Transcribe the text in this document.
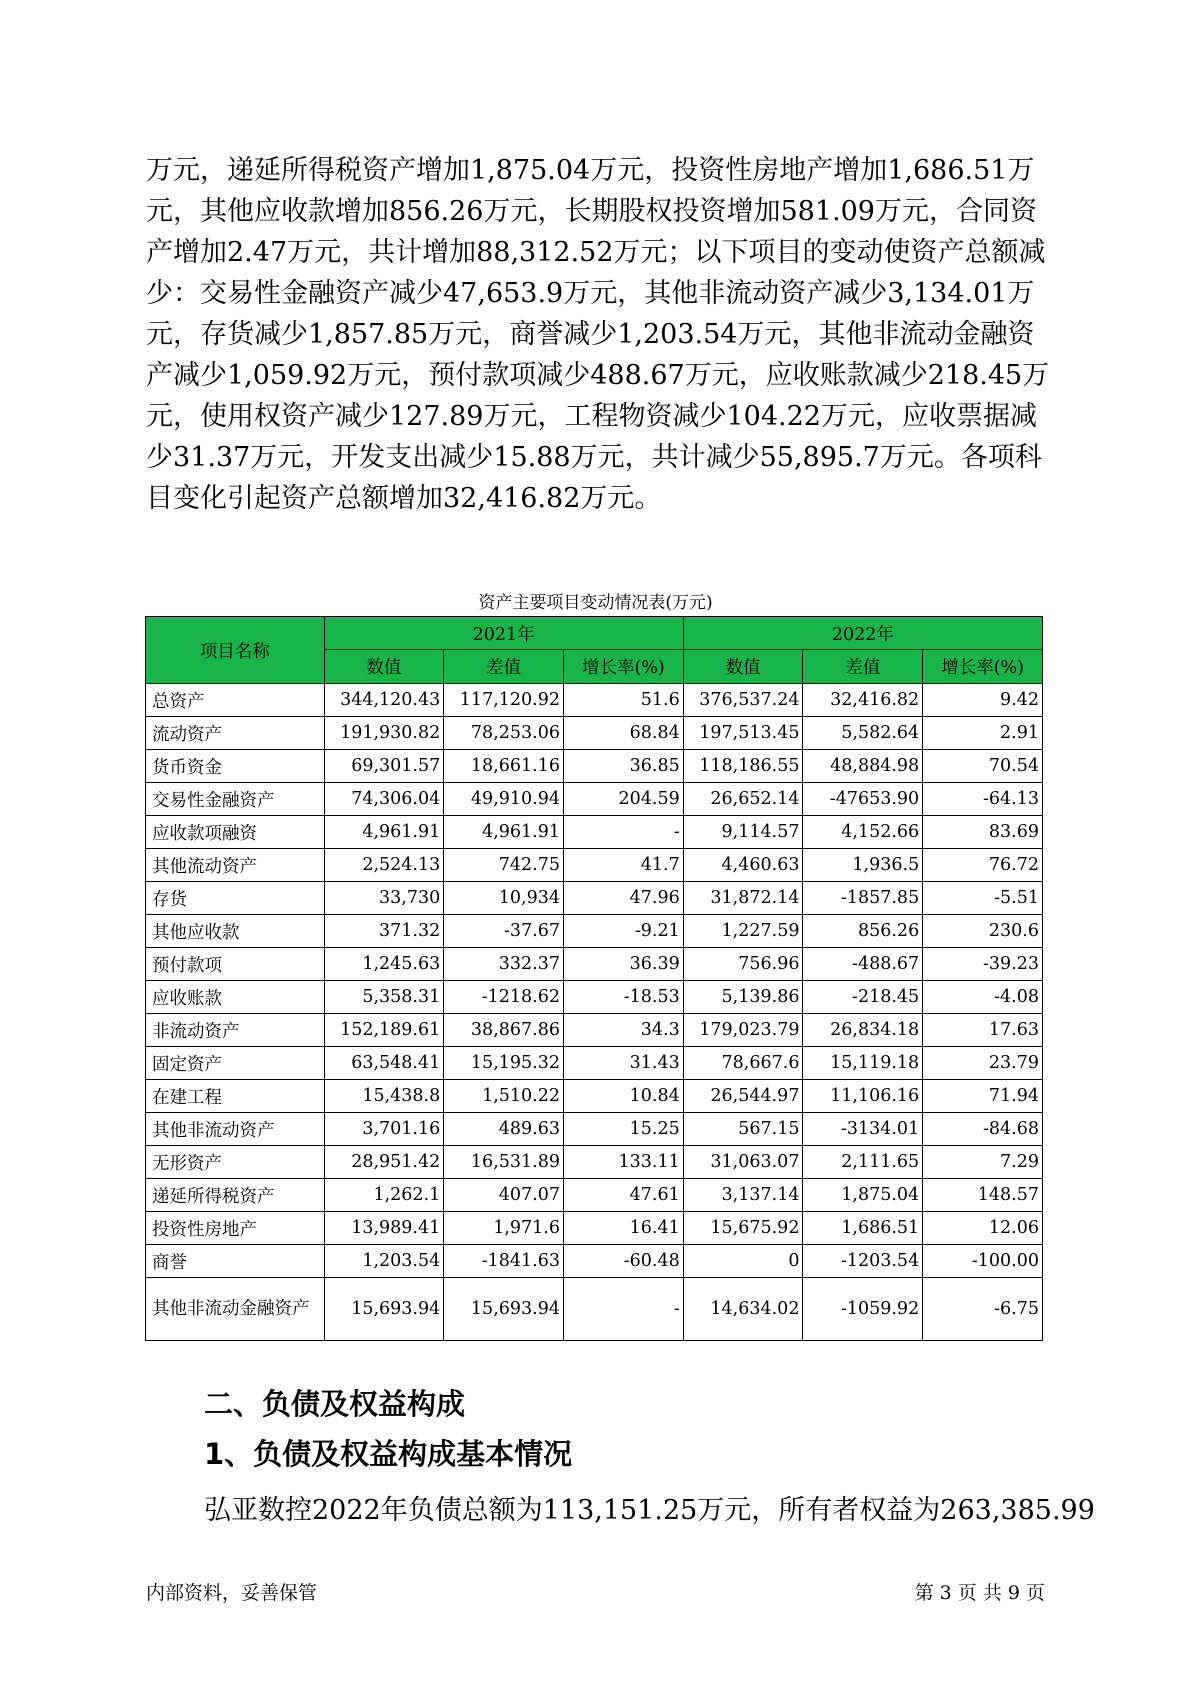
万元，递延所得税资产增加1,875.04万元，投资性房地产增加1,686.51万

元，其他应收款增加856.26万元，长期股权投资增加581.09万元，合同资

产增加2.47万元，共计增加88,312.52万元；以下项目的变动使资产总额减

少：交易性金融资产减少47,653.9万元，其他非流动资产减少3,134.01万

元，存货减少1,857.85万元，商誉减少1,203.54万元，其他非流动金融资

产减少1,059.92万元，预付款项减少488.67万元，应收账款减少218.45万

元，使用权资产减少127.89万元，工程物资减少104.22万元，应收票据减

少31.37万元，开发支出减少15.88万元，共计减少55,895.7万元。各项科

目变化引起资产总额增加32,416.82万元。

资产主要项目变动情况表(万元)
项目名称	2021年			2022年		
	数值	差值	增长率(%)	数值	差值	增长率(%)
总资产	344,120.43	117,120.92	51.6	376,537.24	32,416.82	9.42
流动资产	191,930.82	78,253.06	68.84	197,513.45	5,582.64	2.91
货币资金	69,301.57	18,661.16	36.85	118,186.55	48,884.98	70.54
交易性金融资产	74,306.04	49,910.94	204.59	26,652.14	-47653.90	-64.13
应收款项融资	4,961.91	4,961.91	-	9,114.57	4,152.66	83.69
其他流动资产	2,524.13	742.75	41.7	4,460.63	1,936.5	76.72
存货	33,730	10,934	47.96	31,872.14	-1857.85	-5.51
其他应收款	371.32	-37.67	-9.21	1,227.59	856.26	230.6
预付款项	1,245.63	332.37	36.39	756.96	-488.67	-39.23
应收账款	5,358.31	-1218.62	-18.53	5,139.86	-218.45	-4.08
非流动资产	152,189.61	38,867.86	34.3	179,023.79	26,834.18	17.63
固定资产	63,548.41	15,195.32	31.43	78,667.6	15,119.18	23.79
在建工程	15,438.8	1,510.22	10.84	26,544.97	11,106.16	71.94
其他非流动资产	3,701.16	489.63	15.25	567.15	-3134.01	-84.68
无形资产	28,951.42	16,531.89	133.11	31,063.07	2,111.65	7.29
递延所得税资产	1,262.1	407.07	47.61	3,137.14	1,875.04	148.57
投资性房地产	13,989.41	1,971.6	16.41	15,675.92	1,686.51	12.06
商誉	1,203.54	-1841.63	-60.48	0	-1203.54	-100.00
其他非流动金融资产	15,693.94	15,693.94	-	14,634.02	-1059.92	-6.75
二、负债及权益构成
1、负债及权益构成基本情况

弘亚数控2022年负债总额为113,151.25万元，所有者权益为263,385.99

内部资料，妥善保管	第 3 页 共 9 页
